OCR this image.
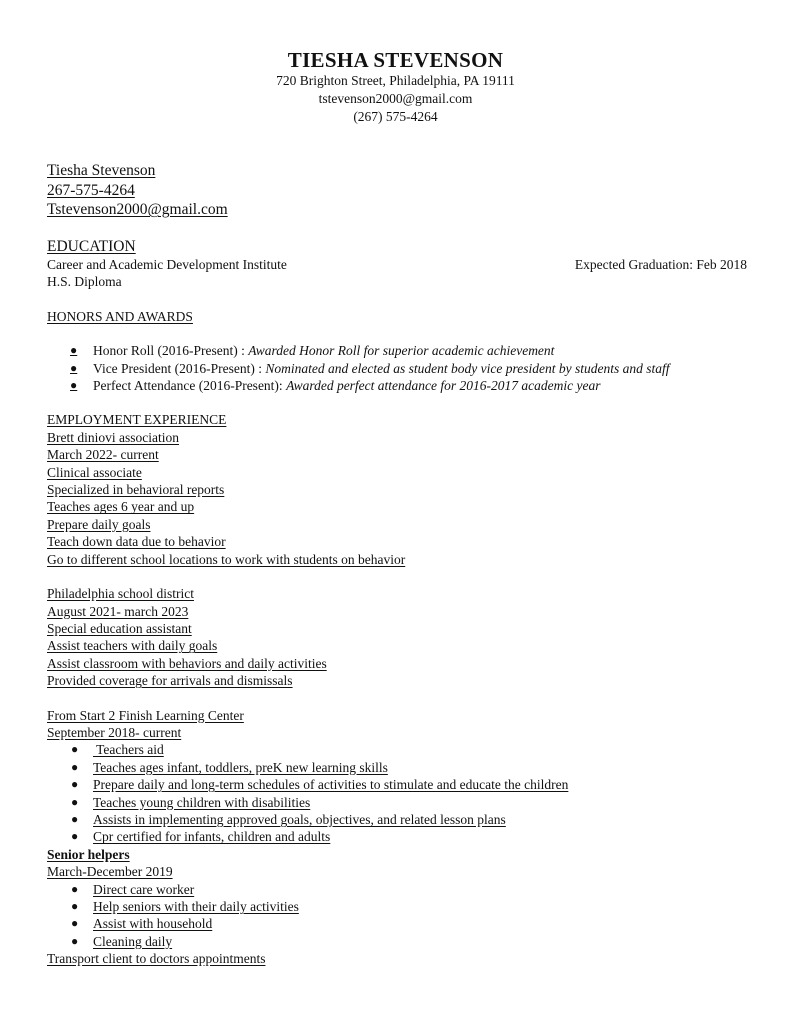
TIESHA STEVENSON
720 Brighton Street, Philadelphia, PA 19111
tstevenson2000@gmail.com
(267) 575-4264
Tiesha Stevenson
267-575-4264
Tstevenson2000@gmail.com
EDUCATION
Career and Academic Development Institute	Expected Graduation: Feb 2018
H.S. Diploma
HONORS AND AWARDS
● Honor Roll (2016-Present) : Awarded Honor Roll for superior academic achievement
● Vice President (2016-Present) : Nominated and elected as student body vice president by students and staff
● Perfect Attendance (2016-Present): Awarded perfect attendance for 2016-2017 academic year
EMPLOYMENT EXPERIENCE
Brett diniovi association
March 2022- current
Clinical associate
Specialized in behavioral reports
Teaches ages 6 year and up
Prepare daily goals
Teach down data due to behavior
Go to different school locations to work with students on behavior
Philadelphia school district
August 2021- march 2023
Special education assistant
Assist teachers with daily goals
Assist classroom with behaviors and daily activities
Provided coverage for arrivals and dismissals
From Start 2 Finish Learning Center
September 2018- current
● Teachers aid
● Teaches ages infant, toddlers, preK new learning skills
● Prepare daily and long-term schedules of activities to stimulate and educate the children
● Teaches young children with disabilities
● Assists in implementing approved goals, objectives, and related lesson plans
● Cpr certified for infants, children and adults
Senior helpers
March-December 2019
● Direct care worker
● Help seniors with their daily activities
● Assist with household
● Cleaning daily
Transport client to doctors appointments
